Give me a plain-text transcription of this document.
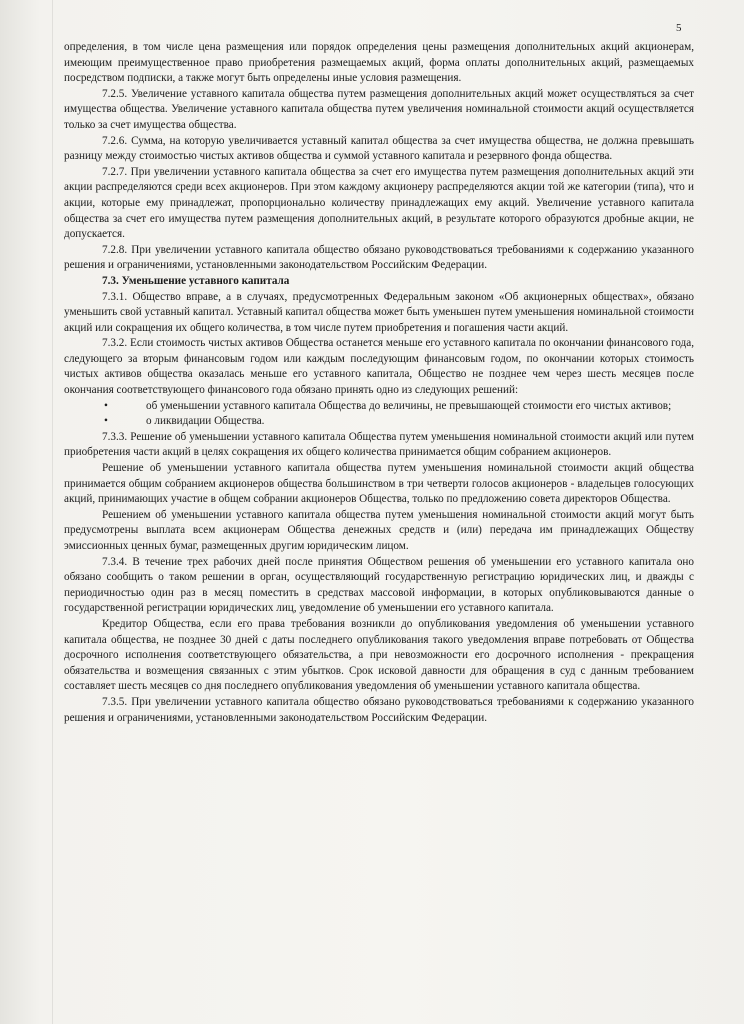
5

определения, в том числе цена размещения или порядок определения цены размещения дополнительных акций акционерам, имеющим преимущественное право приобретения размещаемых акций, форма оплаты дополнительных акций, размещаемых посредством подписки, а также могут быть определены иные условия размещения.

7.2.5. Увеличение уставного капитала общества путем размещения дополнительных акций может осуществляться за счет имущества общества. Увеличение уставного капитала общества путем увеличения номинальной стоимости акций осуществляется только за счет имущества общества.

7.2.6. Сумма, на которую увеличивается уставный капитал общества за счет имущества общества, не должна превышать разницу между стоимостью чистых активов общества и суммой уставного капитала и резервного фонда общества.

7.2.7. При увеличении уставного капитала общества за счет его имущества путем размещения дополнительных акций эти акции распределяются среди всех акционеров. При этом каждому акционеру распределяются акции той же категории (типа), что и акции, которые ему принадлежат, пропорционально количеству принадлежащих ему акций. Увеличение уставного капитала общества за счет его имущества путем размещения дополнительных акций, в результате которого образуются дробные акции, не допускается.

7.2.8. При увеличении уставного капитала общество обязано руководствоваться требованиями к содержанию указанного решения и ограничениями, установленными законодательством Российским Федерации.

7.3. Уменьшение уставного капитала

7.3.1. Общество вправе, а в случаях, предусмотренных Федеральным законом «Об акционерных обществах», обязано уменьшить свой уставный капитал. Уставный капитал общества может быть уменьшен путем уменьшения номинальной стоимости акций или сокращения их общего количества, в том числе путем приобретения и погашения части акций.

7.3.2. Если стоимость чистых активов Общества останется меньше его уставного капитала по окончании финансового года, следующего за вторым финансовым годом или каждым последующим финансовым годом, по окончании которых стоимость чистых активов общества оказалась меньше его уставного капитала, Общество не позднее чем через шесть месяцев после окончания соответствующего финансового года обязано принять одно из следующих решений:

•	об уменьшении уставного капитала Общества до величины, не превышающей стоимости его чистых активов;

•	о ликвидации Общества.

7.3.3. Решение об уменьшении уставного капитала Общества путем уменьшения номинальной стоимости акций или путем приобретения части акций в целях сокращения их общего количества принимается общим собранием акционеров.

Решение об уменьшении уставного капитала общества путем уменьшения номинальной стоимости акций общества принимается общим собранием акционеров общества большинством в три четверти голосов акционеров - владельцев голосующих акций, принимающих участие в общем собрании акционеров Общества, только по предложению совета директоров Общества.

Решением об уменьшении уставного капитала общества путем уменьшения номинальной стоимости акций могут быть предусмотрены выплата всем акционерам Общества денежных средств и (или) передача им принадлежащих Обществу эмиссионных ценных бумаг, размещенных другим юридическим лицом.

7.3.4. В течение трех рабочих дней после принятия Обществом решения об уменьшении его уставного капитала оно обязано сообщить о таком решении в орган, осуществляющий государственную регистрацию юридических лиц, и дважды с периодичностью один раз в месяц поместить в средствах массовой информации, в которых опубликовываются данные о государственной регистрации юридических лиц, уведомление об уменьшении его уставного капитала.

Кредитор Общества, если его права требования возникли до опубликования уведомления об уменьшении уставного капитала общества, не позднее 30 дней с даты последнего опубликования такого уведомления вправе потребовать от Общества досрочного исполнения соответствующего обязательства, а при невозможности его досрочного исполнения - прекращения обязательства и возмещения связанных с этим убытков. Срок исковой давности для обращения в суд с данным требованием составляет шесть месяцев со дня последнего опубликования уведомления об уменьшении уставного капитала общества.

7.3.5. При увеличении уставного капитала общество обязано руководствоваться требованиями к содержанию указанного решения и ограничениями, установленными законодательством Российским Федерации.
